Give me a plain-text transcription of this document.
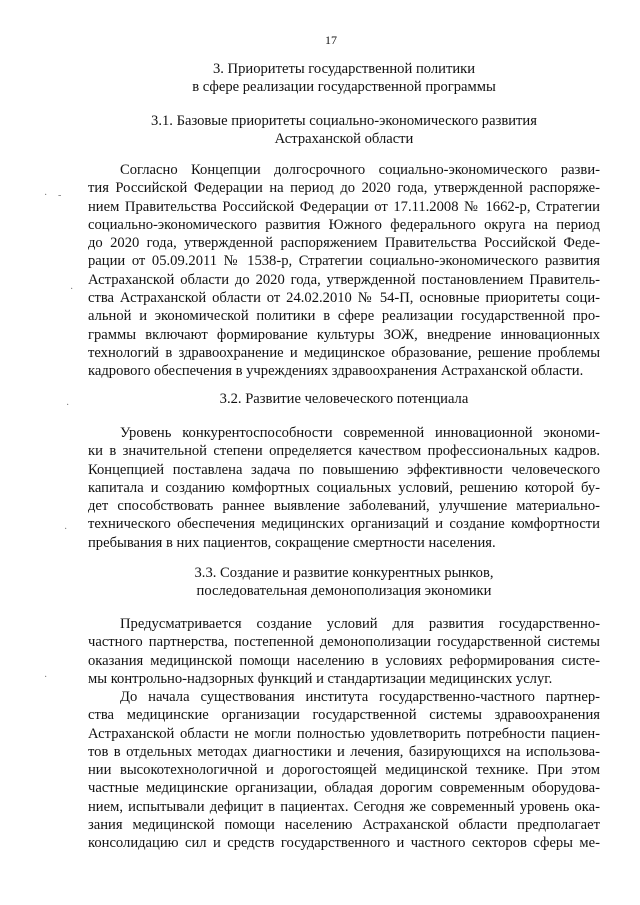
17
3. Приоритеты государственной политики
в сфере реализации государственной программы
3.1. Базовые приоритеты социально-экономического развития
Астраханской области
Согласно Концепции долгосрочного социально-экономического разви-
тия Российской Федерации на период до 2020 года, утвержденной распоряже-
нием Правительства Российской Федерации от 17.11.2008 № 1662-р, Стратегии
социально-экономического развития Южного федерального округа на период
до 2020 года, утвержденной распоряжением Правительства Российской Феде-
рации от 05.09.2011 № 1538-р, Стратегии социально-экономического развития
Астраханской области до 2020 года, утвержденной постановлением Правитель-
ства Астраханской области от 24.02.2010 № 54-П, основные приоритеты соци-
альной и экономической политики в сфере реализации государственной про-
граммы включают формирование культуры ЗОЖ, внедрение инновационных
технологий в здравоохранение и медицинское образование, решение проблемы
кадрового обеспечения в учреждениях здравоохранения Астраханской области.
3.2. Развитие человеческого потенциала
Уровень конкурентоспособности современной инновационной экономи-
ки в значительной степени определяется качеством профессиональных кадров.
Концепцией поставлена задача по повышению эффективности человеческого
капитала и созданию комфортных социальных условий, решению которой бу-
дет способствовать раннее выявление заболеваний, улучшение материально-
технического обеспечения медицинских организаций и создание комфортности
пребывания в них пациентов, сокращение смертности населения.
3.3. Создание и развитие конкурентных рынков,
последовательная демонополизация экономики
Предусматривается создание условий для развития государственно-
частного партнерства, постепенной демонополизации государственной системы
оказания медицинской помощи населению в условиях реформирования систе-
мы контрольно-надзорных функций и стандартизации медицинских услуг.
До начала существования института государственно-частного партнер-
ства медицинские организации государственной системы здравоохранения
Астраханской области не могли полностью удовлетворить потребности пациен-
тов в отдельных методах диагностики и лечения, базирующихся на использова-
нии высокотехнологичной и дорогостоящей медицинской технике. При этом
частные медицинские организации, обладая дорогим современным оборудова-
нием, испытывали дефицит в пациентах. Сегодня же современный уровень ока-
зания медицинской помощи населению Астраханской области предполагает
консолидацию сил и средств государственного и частного секторов сферы ме-
· -
·
·
·
·
